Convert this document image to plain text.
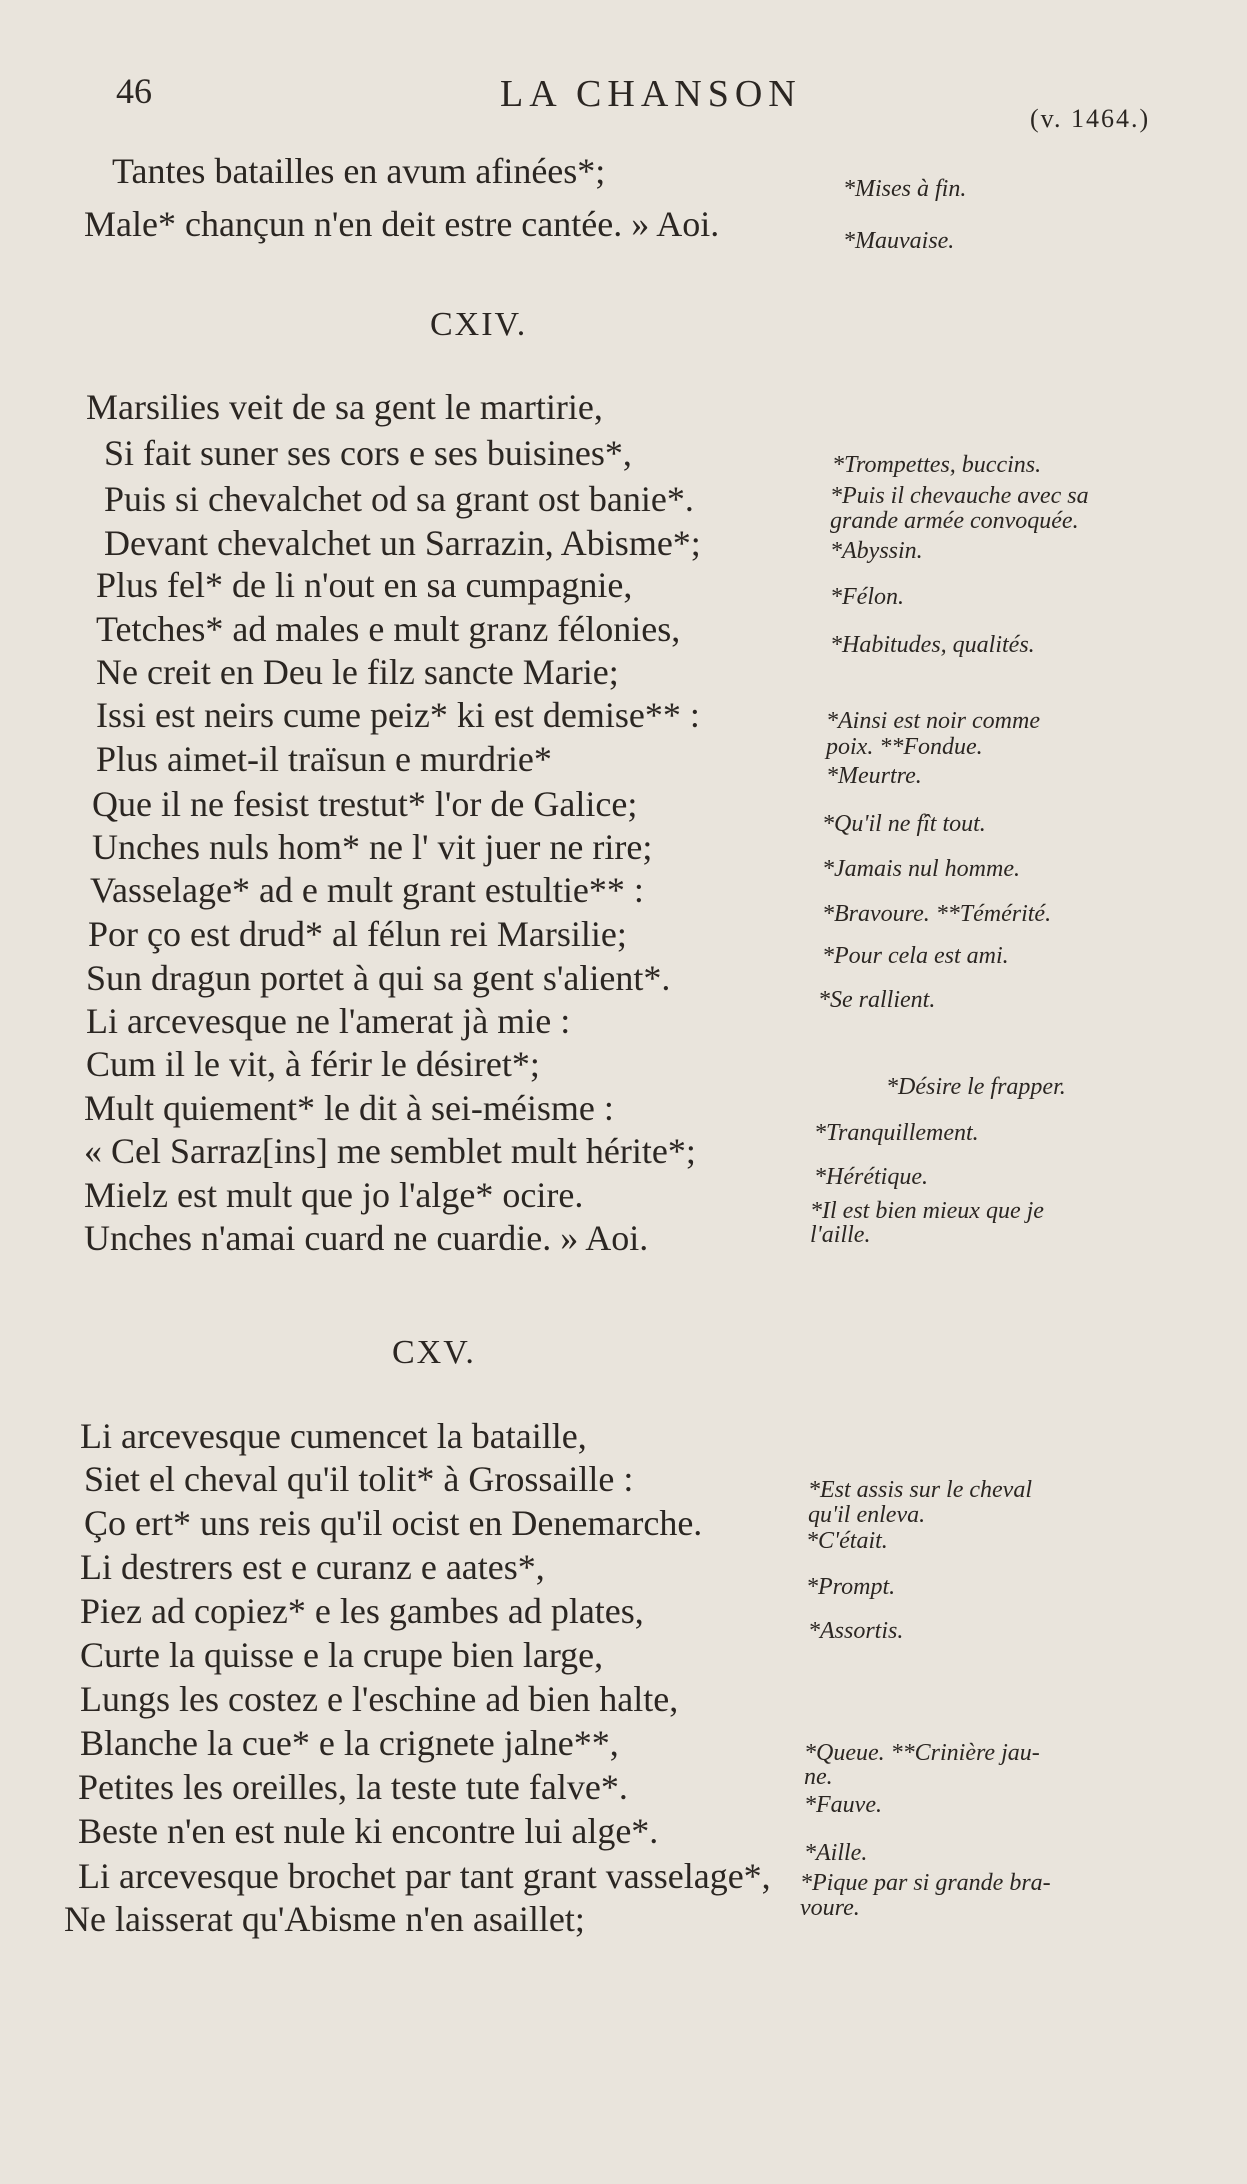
46	LA CHANSON
(v. 1464.)
Tantes batailles en avum afinées*;
Male* chançun n'en deit estre cantée. » Aoi.
*Mises à fin.
*Mauvaise.
CXIV.
Marsilies veit de sa gent le martirie,
Si fait suner ses cors e ses buisines*,
Puis si chevalchet od sa grant ost banie*.
Devant chevalchet un Sarrazin, Abisme*;
Plus fel* de li n'out en sa cumpagnie,
Tetches* ad males e mult granz félonies,
Ne creit en Deu le filz sancte Marie;
Issi est neirs cume peiz* ki est demise** :
Plus aimet-il traïsun e murdrie*
Que il ne fesist trestut* l'or de Galice;
Unches nuls hom* ne l' vit juer ne rire;
Vasselage* ad e mult grant estultie** :
Por ço est drud* al félun rei Marsilie;
Sun dragun portet à qui sa gent s'alient*.
Li arcevesque ne l'amerat jà mie :
Cum il le vit, à férir le désiret*;
Mult quiement* le dit à sei-méisme :
« Cel Sarraz[ins] me semblet mult hérite*;
Mielz est mult que jo l'alge* ocire.
Unches n'amai cuard ne cuardie. » Aoi.
*Trompettes, buccins.
*Puis il chevauche avec sa
grande armée convoquée.
*Abyssin.
*Félon.
*Habitudes, qualités.
*Ainsi est noir comme
poix. **Fondue.
*Meurtre.
*Qu'il ne fît tout.
*Jamais nul homme.
*Bravoure. **Témérité.
*Pour cela est ami.
*Se rallient.
*Désire le frapper.
*Tranquillement.
*Hérétique.
*Il est bien mieux que je
l'aille.
CXV.
Li arcevesque cumencet la bataille,
Siet el cheval qu'il tolit* à Grossaille :
Ço ert* uns reis qu'il ocist en Denemarche.
Li destrers est e curanz e aates*,
Piez ad copiez* e les gambes ad plates,
Curte la quisse e la crupe bien large,
Lungs les costez e l'eschine ad bien halte,
Blanche la cue* e la crignete jalne**,
Petites les oreilles, la teste tute falve*.
Beste n'en est nule ki encontre lui alge*.
Li arcevesque brochet par tant grant vasselage*,
Ne laisserat qu'Abisme n'en asaillet;
*Est assis sur le cheval
qu'il enleva.
*C'était.
*Prompt.
*Assortis.
*Queue. **Crinière jau-
ne.
*Fauve.
*Aille.
*Pique par si grande bra-
voure.
